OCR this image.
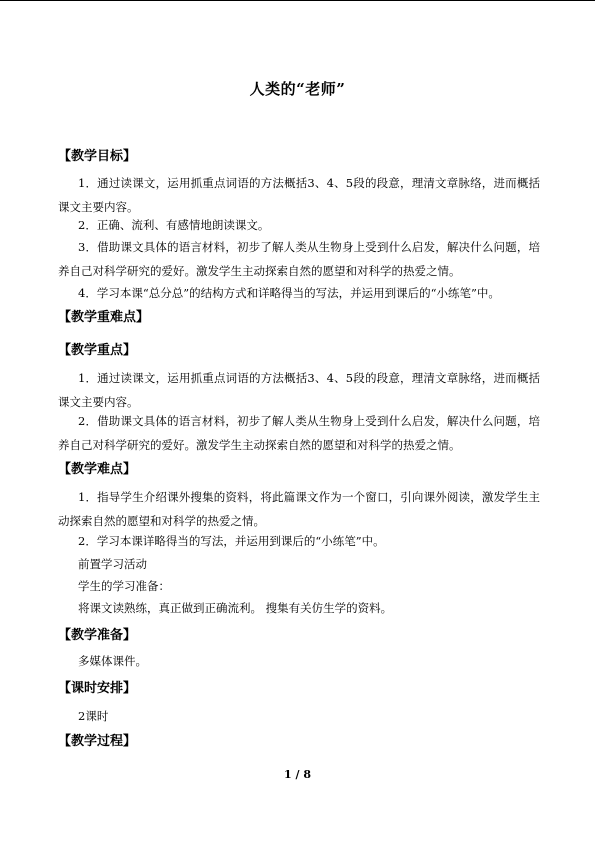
人类的“老师”
【教学目标】
1．通过读课文，运用抓重点词语的方法概括3、4、5段的段意，理清文章脉络，进而概括课文主要内容。
2．正确、流利、有感情地朗读课文。
3．借助课文具体的语言材料，初步了解人类从生物身上受到什么启发，解决什么问题，培养自己对科学研究的爱好。激发学生主动探索自然的愿望和对科学的热爱之情。
4．学习本课“总分总”的结构方式和详略得当的写法，并运用到课后的“小练笔”中。
【教学重难点】
【教学重点】
1．通过读课文，运用抓重点词语的方法概括3、4、5段的段意，理清文章脉络，进而概括课文主要内容。
2．借助课文具体的语言材料，初步了解人类从生物身上受到什么启发，解决什么问题，培养自己对科学研究的爱好。激发学生主动探索自然的愿望和对科学的热爱之情。
【教学难点】
1．指导学生介绍课外搜集的资料，将此篇课文作为一个窗口，引向课外阅读，激发学生主动探索自然的愿望和对科学的热爱之情。
2．学习本课详略得当的写法，并运用到课后的“小练笔”中。
前置学习活动
学生的学习准备：
将课文读熟练，真正做到正确流利。 搜集有关仿生学的资料。
【教学准备】
多媒体课件。
【课时安排】
2课时
【教学过程】
1 / 8
